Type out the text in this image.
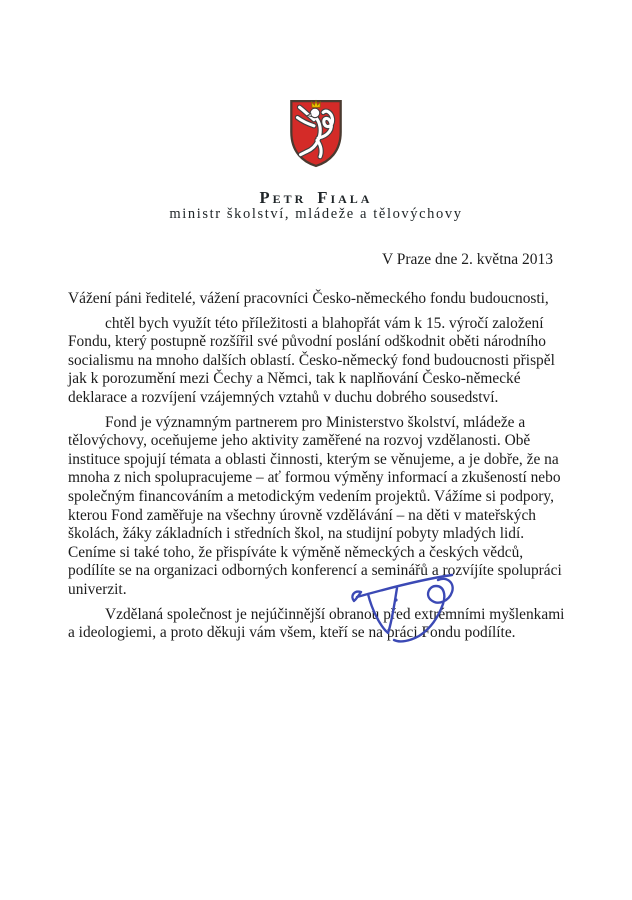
Petr Fiala
ministr školství, mládeže a tělovýchovy
V Praze dne 2. května 2013

Vážení páni ředitelé, vážení pracovníci Česko-německého fondu budoucnosti,

chtěl bych využít této příležitosti a blahopřát vám k 15. výročí založení Fondu, který postupně rozšířil své původní poslání odškodnit oběti národního socialismu na mnoho dalších oblastí. Česko-německý fond budoucnosti přispěl jak k porozumění mezi Čechy a Němci, tak k naplňování Česko-německé deklarace a rozvíjení vzájemných vztahů v duchu dobrého sousedství.

Fond je významným partnerem pro Ministerstvo školství, mládeže a tělovýchovy, oceňujeme jeho aktivity zaměřené na rozvoj vzdělanosti. Obě instituce spojují témata a oblasti činnosti, kterým se věnujeme, a je dobře, že na mnoha z nich spolupracujeme – ať formou výměny informací a zkušeností nebo společným financováním a metodickým vedením projektů. Vážíme si podpory, kterou Fond zaměřuje na všechny úrovně vzdělávání – na děti v mateřských školách, žáky základních i středních škol, na studijní pobyty mladých lidí. Ceníme si také toho, že přispíváte k výměně německých a českých vědců, podílíte se na organizaci odborných konferencí a seminářů a rozvíjíte spolupráci univerzit.

Vzdělaná společnost je nejúčinnější obranou před extrémními myšlenkami a ideologiemi, a proto děkuji vám všem, kteří se na práci Fondu podílíte.
